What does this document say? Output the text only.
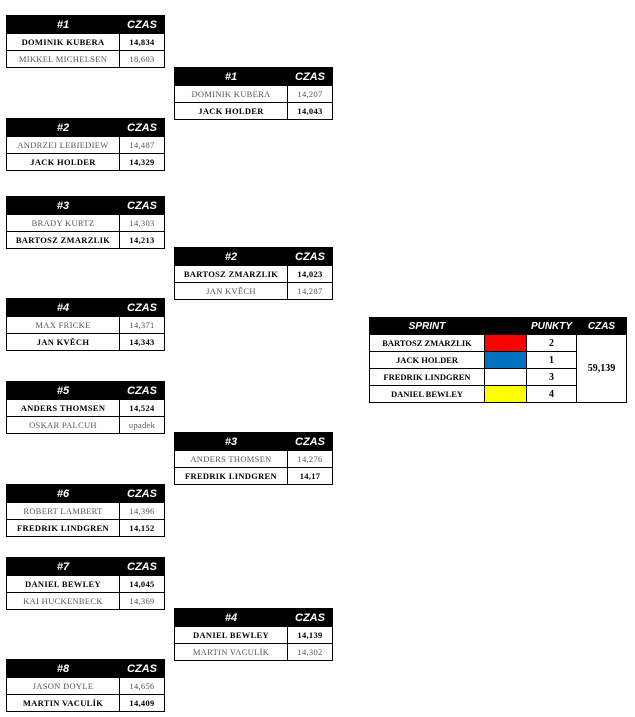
#1	CZAS
DOMINIK KUBERA	14,834
MIKKEL MICHELSEN	18,603
#2	CZAS
ANDRZEJ LEBIEDIEW	14,487
JACK HOLDER	14,329
#3	CZAS
BRADY KURTZ	14,303
BARTOSZ ZMARZLIK	14,213
#4	CZAS
MAX FRICKE	14,371
JAN KVĚCH	14,343
#5	CZAS
ANDERS THOMSEN	14,524
OSKAR PALCUH	upadek
#6	CZAS
ROBERT LAMBERT	14,396
FREDRIK LINDGREN	14,152
#7	CZAS
DANIEL BEWLEY	14,045
KAI HUCKENBECK	14,369
#8	CZAS
JASON DOYLE	14,656
MARTIN VACULÍK	14,409
#1	CZAS
DOMINIK KUBERA	14,207
JACK HOLDER	14,043
#2	CZAS
BARTOSZ ZMARZLIK	14,023
JAN KVĚCH	14,287
#3	CZAS
ANDERS THOMSEN	14,276
FREDRIK LINDGREN	14,17
#4	CZAS
DANIEL BEWLEY	14,139
MARTIN VACULÍK	14,302
SPRINT		PUNKTY	CZAS
BARTOSZ ZMARZLIK		2	59,139
JACK HOLDER		1	
FREDRIK LINDGREN		3	
DANIEL BEWLEY		4	
